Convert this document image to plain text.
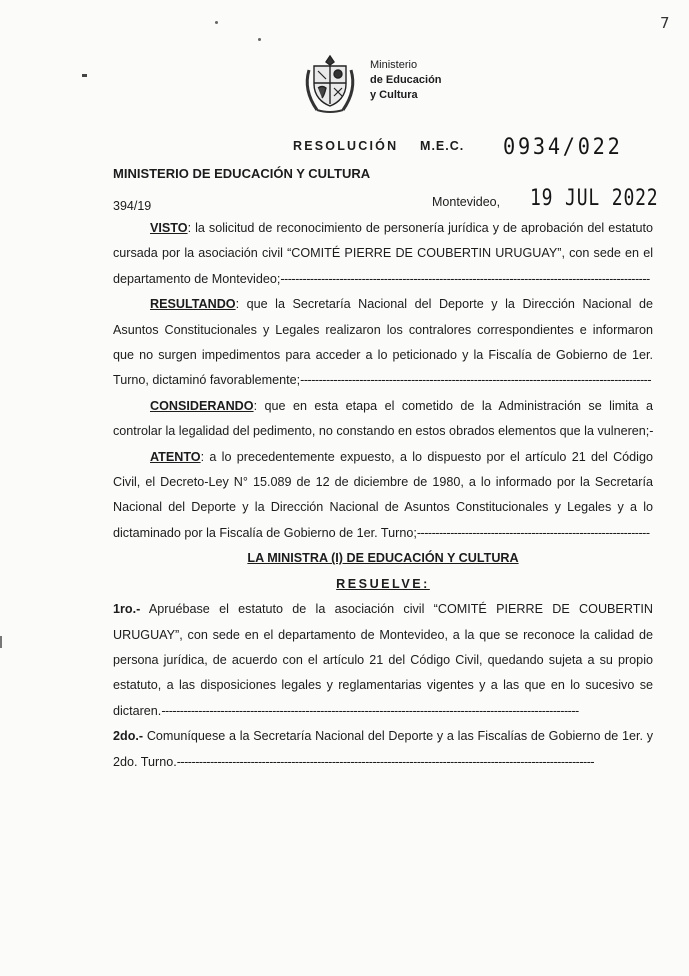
7
Ministerio
de Educación
y Cultura
RESOLUCIÓN M.E.C. 0934/022
MINISTERIO DE EDUCACIÓN Y CULTURA
394/19	Montevideo, 19 JUL 2022

VISTO: la solicitud de reconocimiento de personería jurídica y de aprobación del estatuto cursada por la asociación civil “COMITÉ PIERRE DE COUBERTIN URUGUAY”, con sede en el departamento de Montevideo;----------------------------------------------------------------------------------------------------

RESULTANDO: que la Secretaría Nacional del Deporte y la Dirección Nacional de Asuntos Constitucionales y Legales realizaron los contralores correspondientes e informaron que no surgen impedimentos para acceder a lo peticionado y la Fiscalía de Gobierno de 1er. Turno, dictaminó favorablemente;-----------------------------------------------------------------------------------------------

CONSIDERANDO: que en esta etapa el cometido de la Administración se limita a controlar la legalidad del pedimento, no constando en estos obrados elementos que la vulneren;-

ATENTO: a lo precedentemente expuesto, a lo dispuesto por el artículo 21 del Código Civil, el Decreto-Ley N° 15.089 de 12 de diciembre de 1980, a lo informado por la Secretaría Nacional del Deporte y la Dirección Nacional de Asuntos Constitucionales y Legales y a lo dictaminado por la Fiscalía de Gobierno de 1er. Turno;---------------------------------------------------------------

LA MINISTRA (I) DE EDUCACIÓN Y CULTURA

RESUELVE:

1ro.- Apruébase el estatuto de la asociación civil “COMITÉ PIERRE DE COUBERTIN URUGUAY”, con sede en el departamento de Montevideo, a la que se reconoce la calidad de persona jurídica, de acuerdo con el artículo 21 del Código Civil, quedando sujeta a su propio estatuto, a las disposiciones legales y reglamentarias vigentes y a las que en lo sucesivo se dictaren.-----------------------------------------------------------------------------------------------------------------

2do.- Comuníquese a la Secretaría Nacional del Deporte y a las Fiscalías de Gobierno de 1er. y 2do. Turno.-----------------------------------------------------------------------------------------------------------------
